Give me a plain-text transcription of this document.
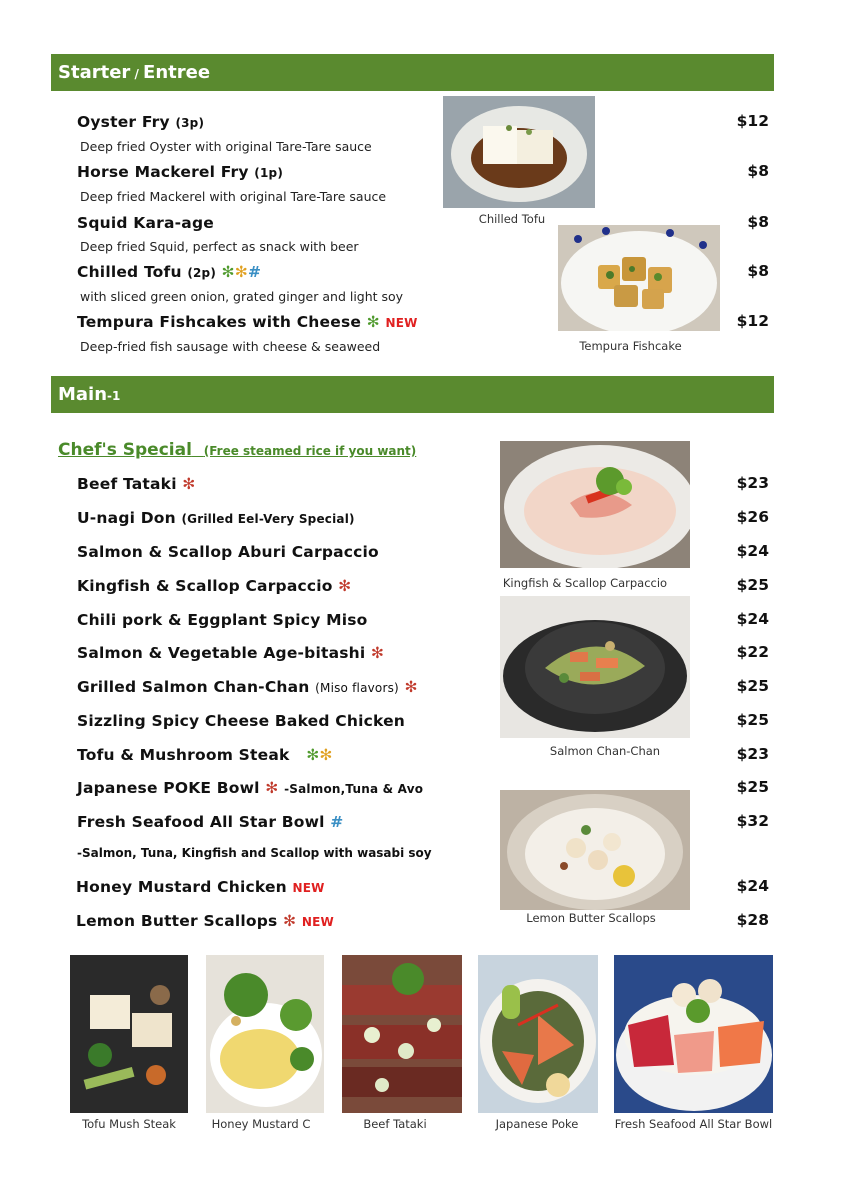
Starter / Entree
Oyster Fry (3p)
Deep fried Oyster with original Tare-Tare sauce
$12
Horse Mackerel Fry (1p)
Deep fried Mackerel with original Tare-Tare sauce
$8
Squid Kara-age
Deep fried Squid, perfect as snack with beer
$8
Chilled Tofu (2p) ✻✻#
with sliced green onion, grated ginger and light soy
$8
Tempura Fishcakes with Cheese ✻ NEW
Deep-fried fish sausage with cheese & seaweed
$12
Chilled Tofu
Tempura Fishcake
Main-1
Chef's Special (Free steamed rice if you want)
Beef Tataki ✻	$23
U-nagi Don (Grilled Eel-Very Special)	$26
Salmon & Scallop Aburi Carpaccio	$24
Kingfish & Scallop Carpaccio ✻	$25
Chili pork & Eggplant Spicy Miso	$24
Salmon & Vegetable Age-bitashi ✻	$22
Grilled Salmon Chan-Chan (Miso flavors) ✻	$25
Sizzling Spicy Cheese Baked Chicken	$25
Tofu & Mushroom Steak ✻✻	$23
Japanese POKE Bowl ✻ -Salmon,Tuna & Avo	$25
Fresh Seafood All Star Bowl #	$32
-Salmon, Tuna, Kingfish and Scallop with wasabi soy
Honey Mustard Chicken NEW	$24
Lemon Butter Scallops ✻ NEW	$28
Kingfish & Scallop Carpaccio
Salmon Chan-Chan
Lemon Butter Scallops
Tofu Mush Steak	Honey Mustard C	Beef Tataki	Japanese Poke	Fresh Seafood All Star Bowl
